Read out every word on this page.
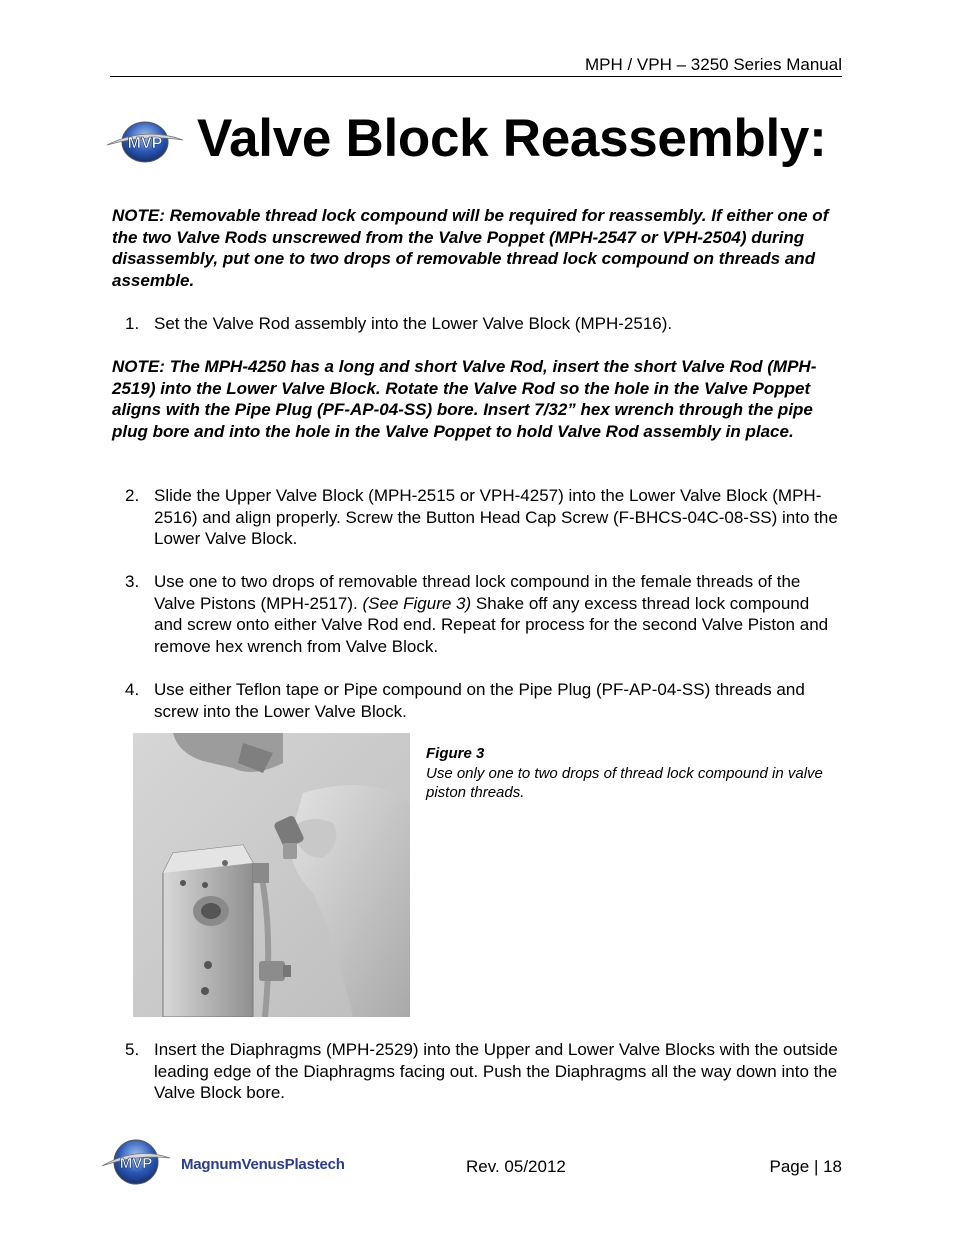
MPH / VPH – 3250 Series Manual
MVP Valve Block Reassembly:
NOTE: Removable thread lock compound will be required for reassembly. If either one of the two Valve Rods unscrewed from the Valve Poppet (MPH-2547 or VPH-2504) during disassembly, put one to two drops of removable thread lock compound on threads and assemble.
1. Set the Valve Rod assembly into the Lower Valve Block (MPH-2516).
NOTE: The MPH-4250 has a long and short Valve Rod, insert the short Valve Rod (MPH-2519) into the Lower Valve Block. Rotate the Valve Rod so the hole in the Valve Poppet aligns with the Pipe Plug (PF-AP-04-SS) bore. Insert 7/32” hex wrench through the pipe plug bore and into the hole in the Valve Poppet to hold Valve Rod assembly in place.
2. Slide the Upper Valve Block (MPH-2515 or VPH-4257) into the Lower Valve Block (MPH-2516) and align properly. Screw the Button Head Cap Screw (F-BHCS-04C-08-SS) into the Lower Valve Block.
3. Use one to two drops of removable thread lock compound in the female threads of the Valve Pistons (MPH-2517). (See Figure 3) Shake off any excess thread lock compound and screw onto either Valve Rod end. Repeat for process for the second Valve Piston and remove hex wrench from Valve Block.
4. Use either Teflon tape or Pipe compound on the Pipe Plug (PF-AP-04-SS) threads and screw into the Lower Valve Block.
Figure 3
Use only one to two drops of thread lock compound in valve piston threads.
5. Insert the Diaphragms (MPH-2529) into the Upper and Lower Valve Blocks with the outside leading edge of the Diaphragms facing out. Push the Diaphragms all the way down into the Valve Block bore.
MVP MagnumVenusPlastech	Rev. 05/2012	Page | 18
